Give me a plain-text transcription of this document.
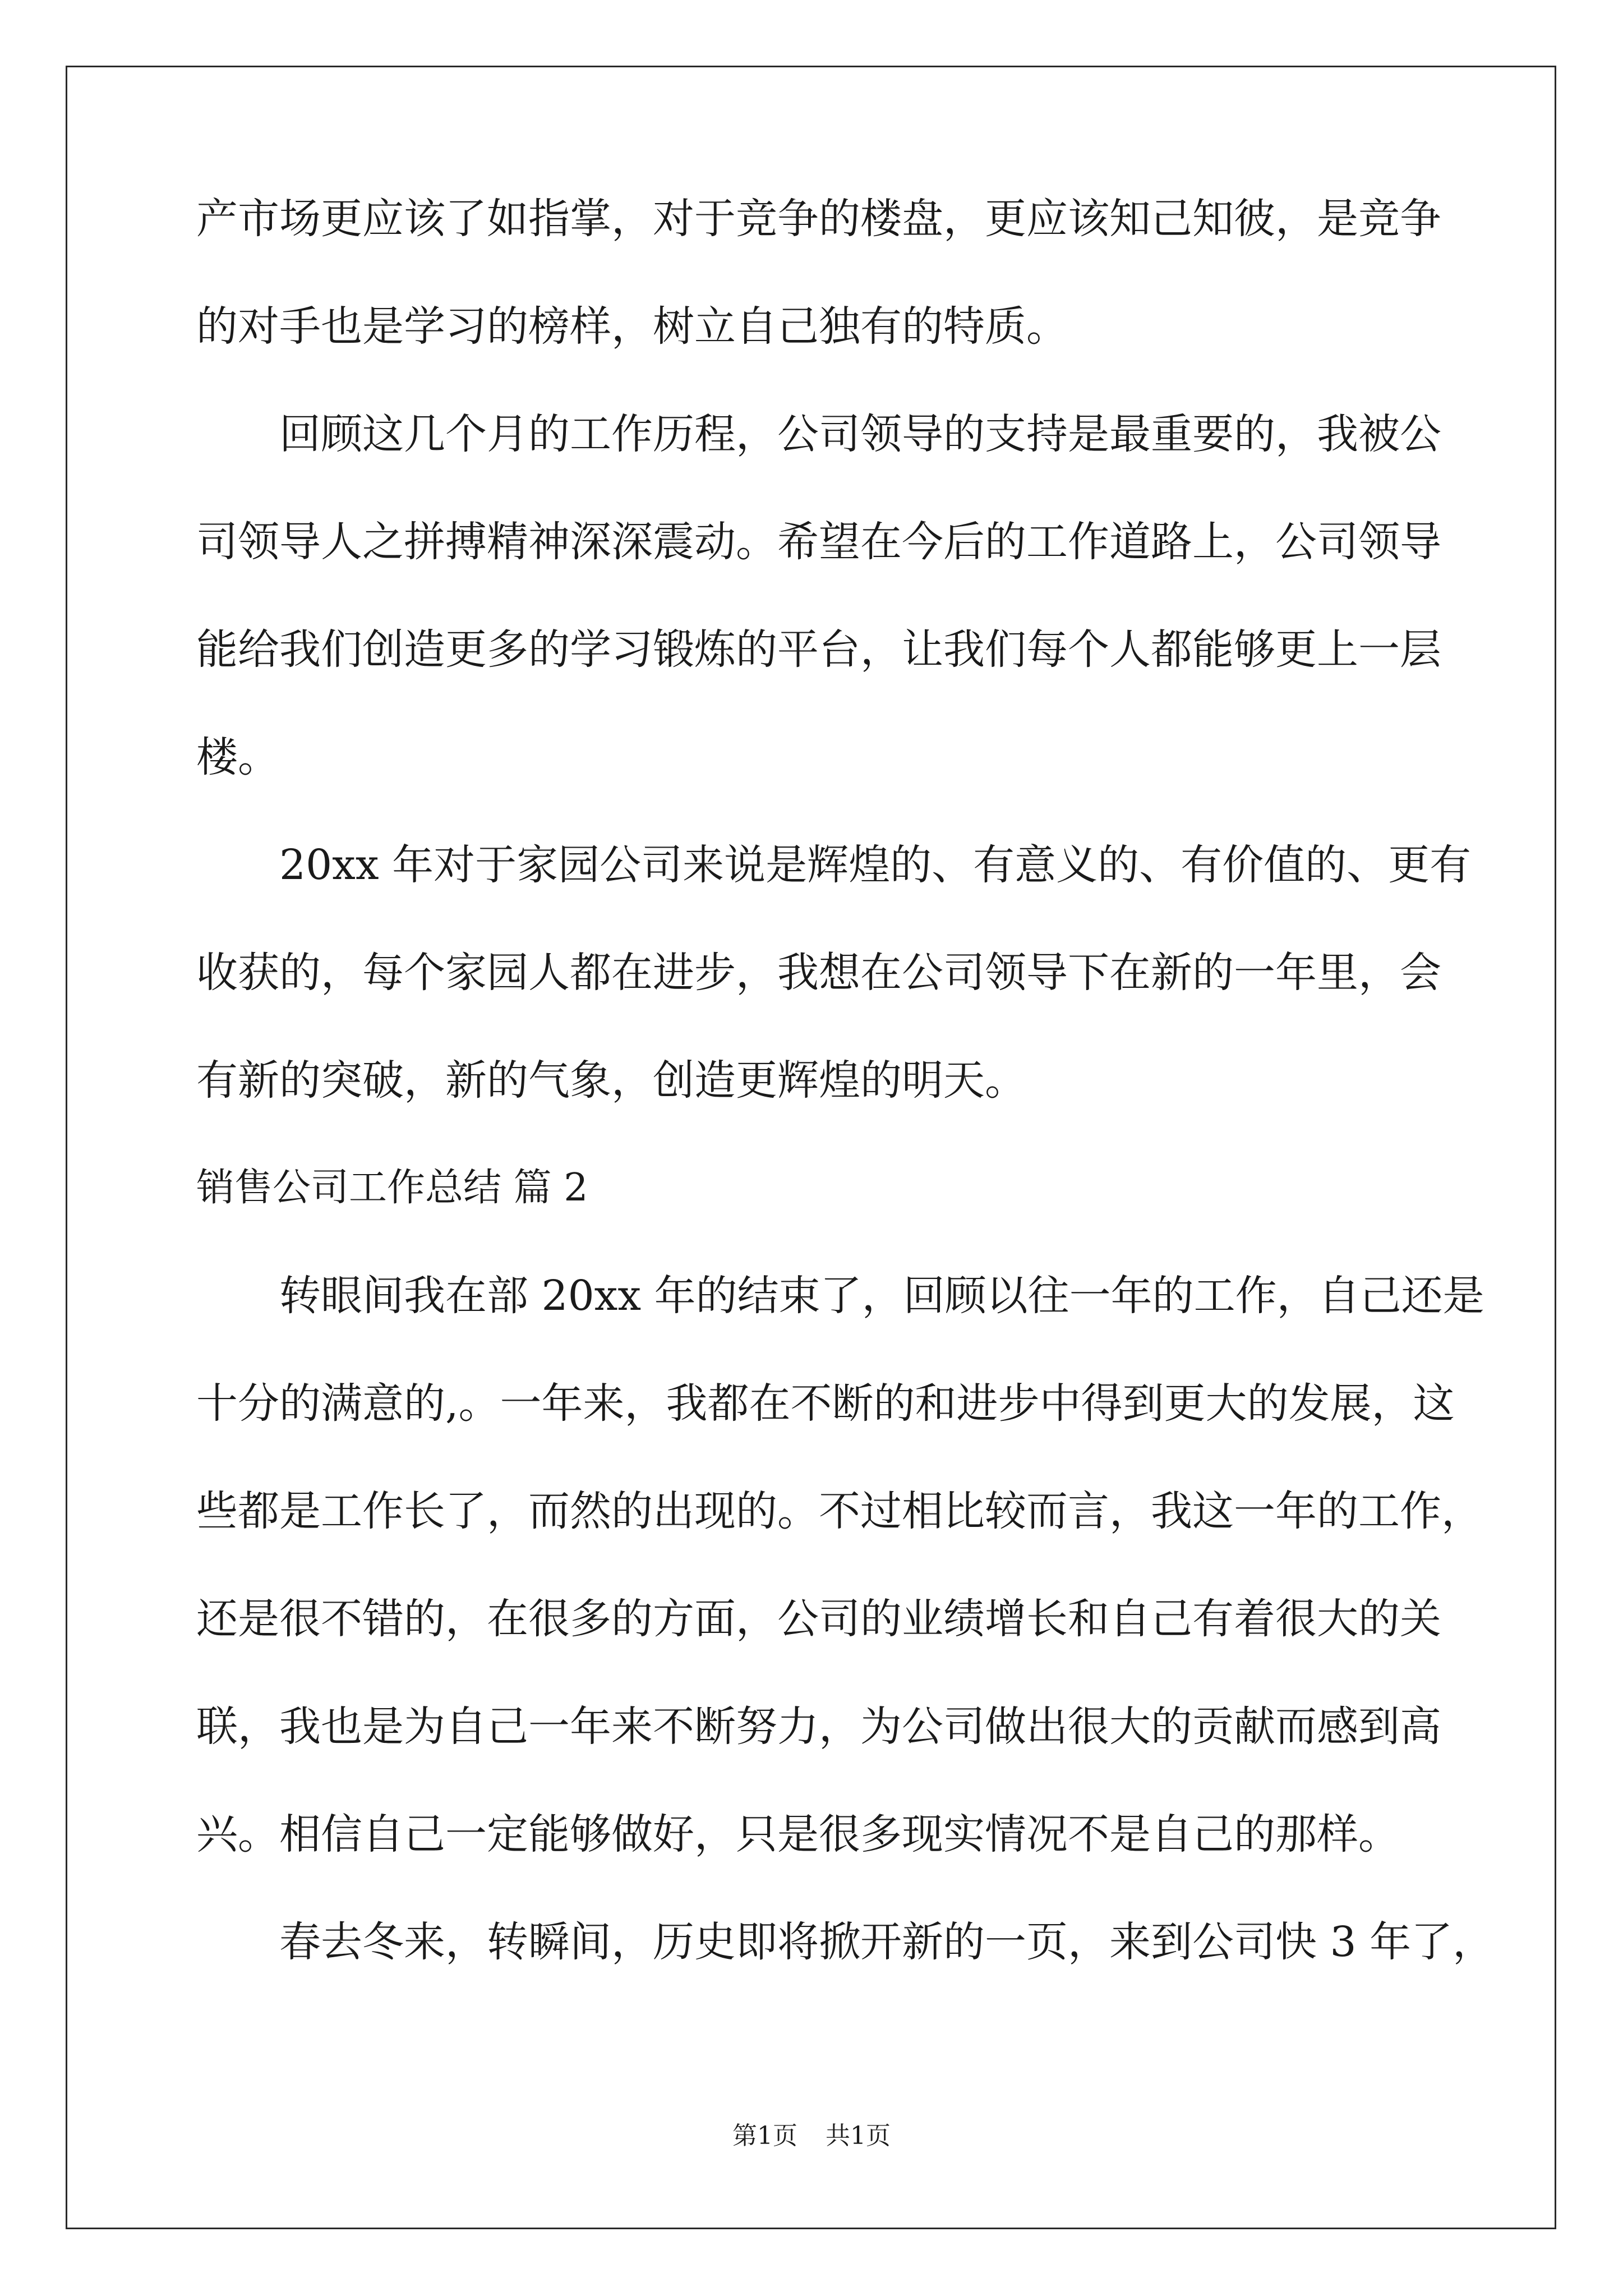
产市场更应该了如指掌，对于竞争的楼盘，更应该知己知彼，是竞争
的对手也是学习的榜样，树立自己独有的特质。
回顾这几个月的工作历程，公司领导的支持是最重要的，我被公
司领导人之拼搏精神深深震动。希望在今后的工作道路上，公司领导
能给我们创造更多的学习锻炼的平台，让我们每个人都能够更上一层
楼。
20xx 年对于家园公司来说是辉煌的、有意义的、有价值的、更有
收获的，每个家园人都在进步，我想在公司领导下在新的一年里，会
有新的突破，新的气象，创造更辉煌的明天。
销售公司工作总结 篇 2
转眼间我在部 20xx 年的结束了，回顾以往一年的工作，自己还是
十分的满意的,。一年来，我都在不断的和进步中得到更大的发展，这
些都是工作长了，而然的出现的。不过相比较而言，我这一年的工作，
还是很不错的，在很多的方面，公司的业绩增长和自己有着很大的关
联，我也是为自己一年来不断努力，为公司做出很大的贡献而感到高
兴。相信自己一定能够做好，只是很多现实情况不是自己的那样。
春去冬来，转瞬间，历史即将掀开新的一页，来到公司快 3 年了，
第1页 共1页
